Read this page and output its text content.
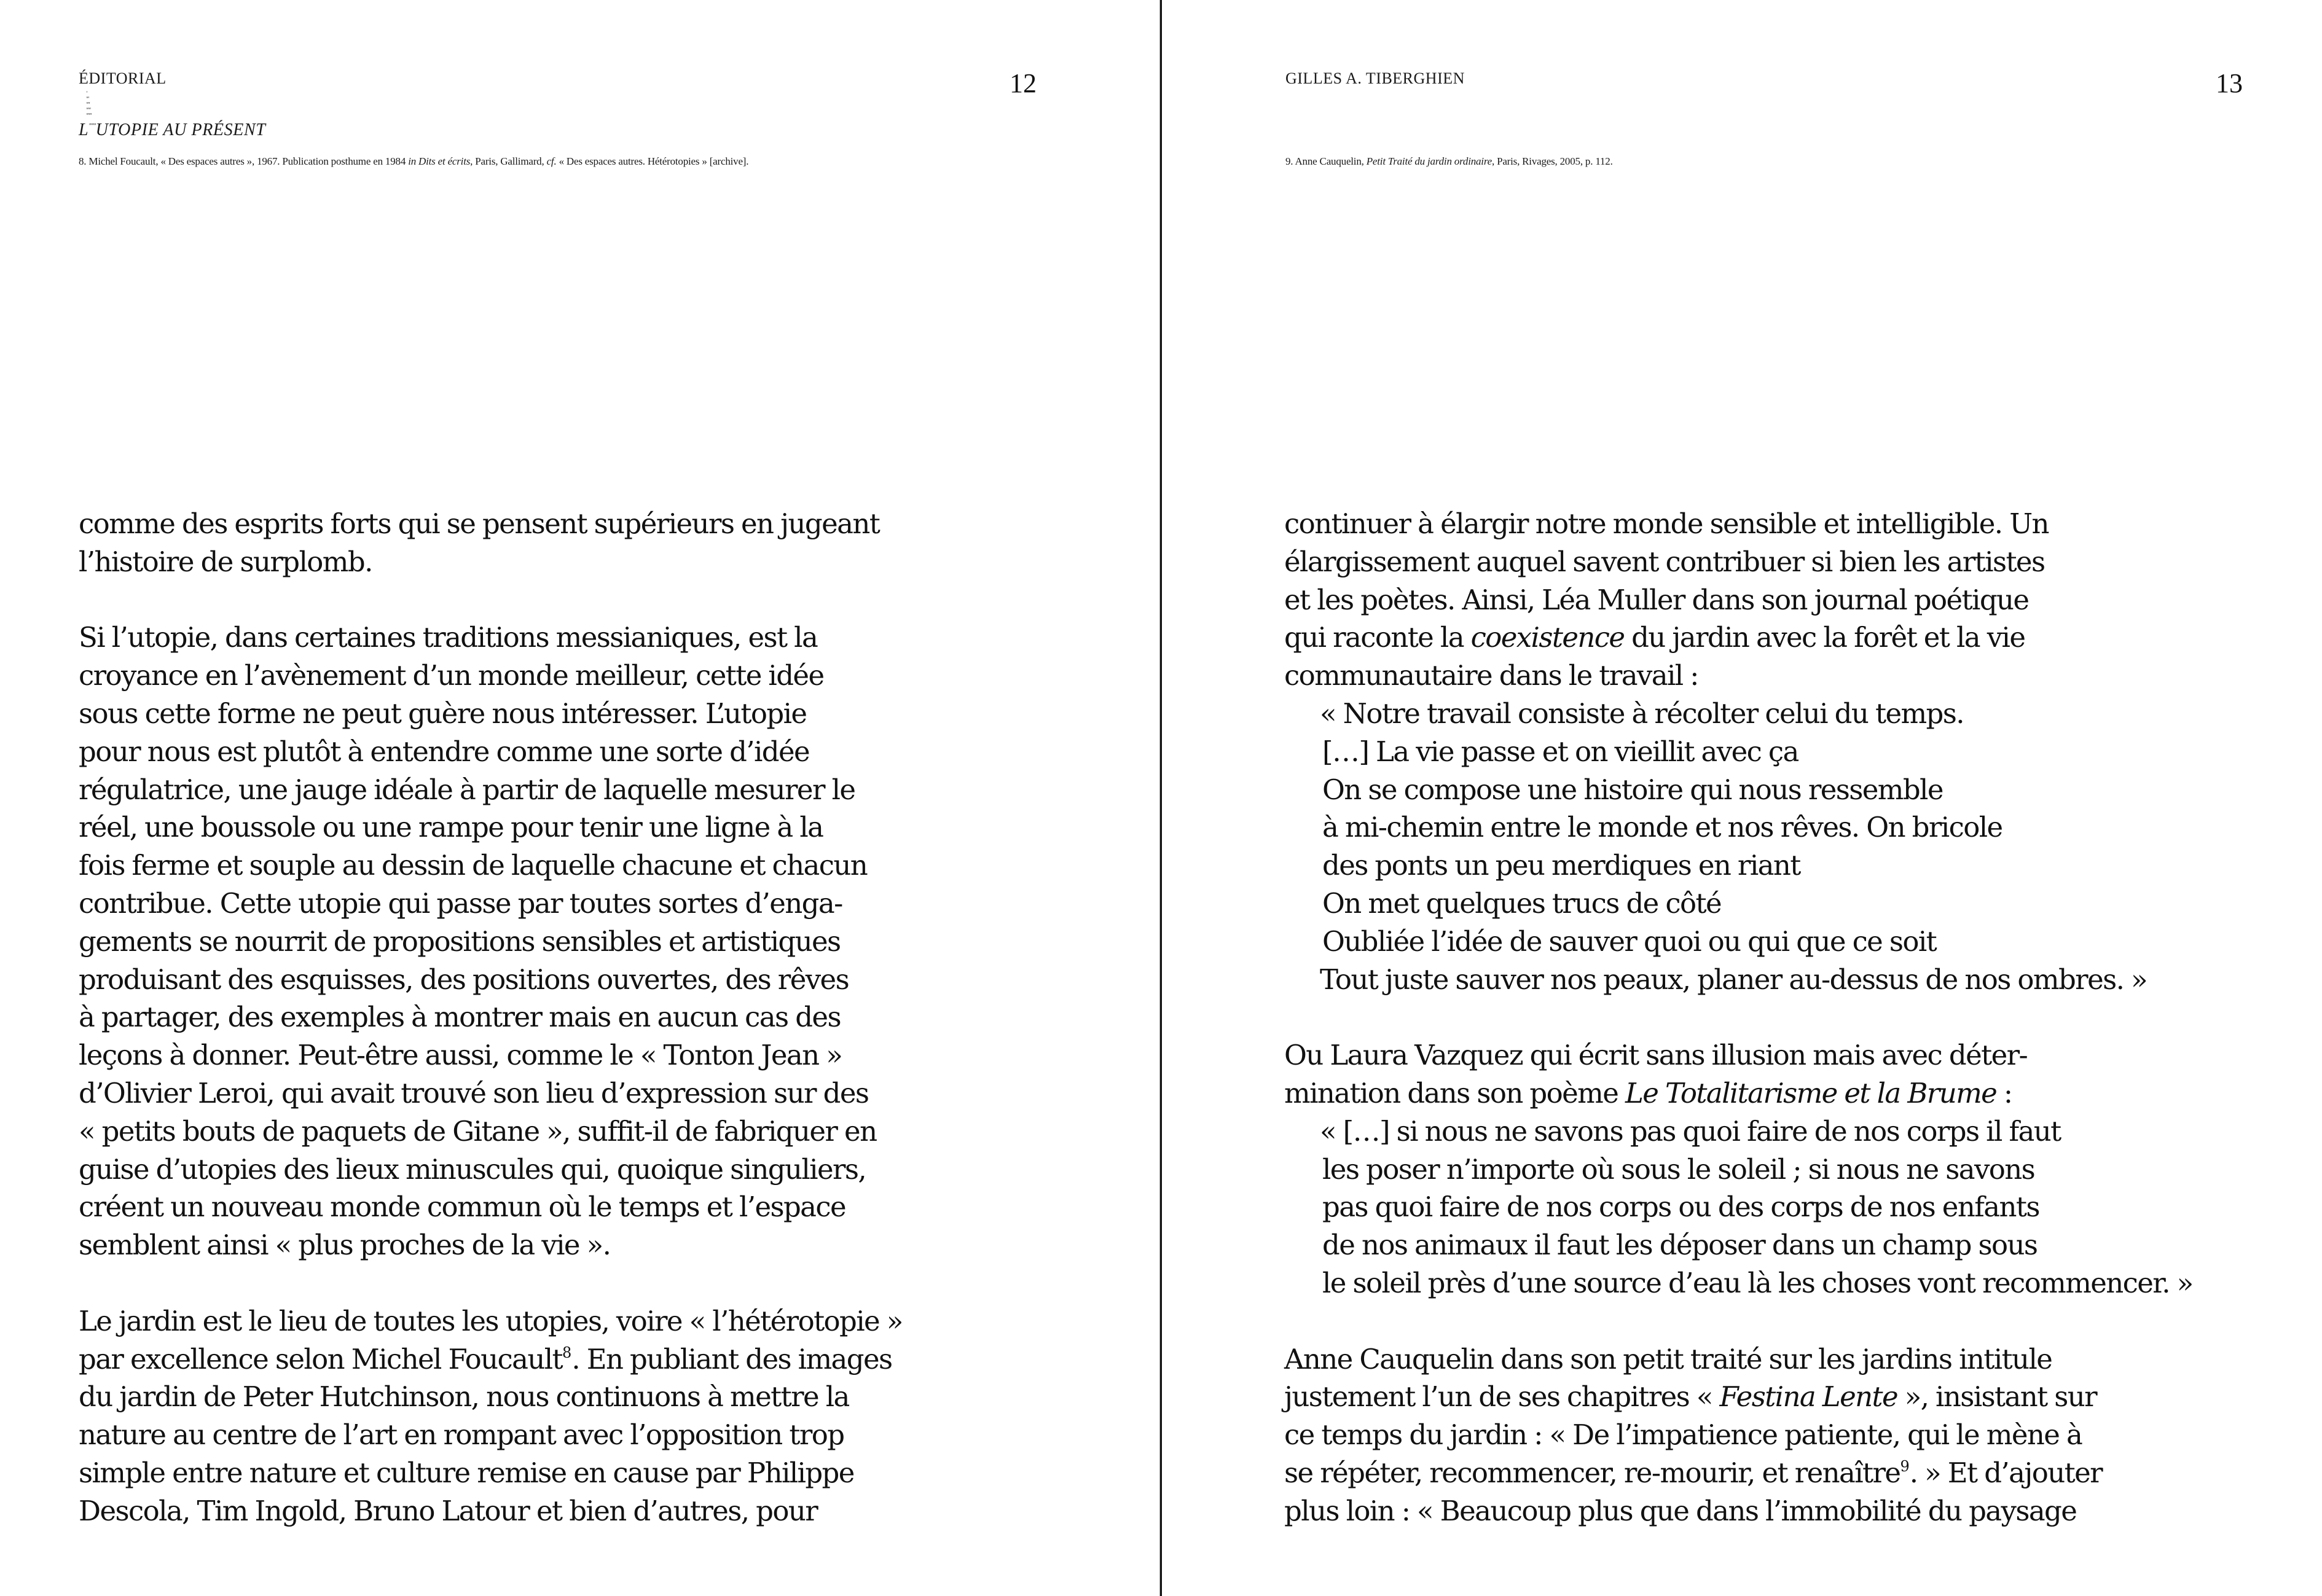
ÉDITORIAL	12
'
'''
''''
'''''
''''''
L'''''''UTOPIE AU PRÉSENT
8. Michel Foucault, « Des espaces autres », 1967. Publication posthume en 1984 in Dits et écrits, Paris, Gallimard, cf. « Des espaces autres. Hétérotopies » [archive].
comme des esprits forts qui se pensent supérieurs en jugeant
l’histoire de surplomb.
Si l’utopie, dans certaines traditions messianiques, est la
croyance en l’avènement d’un monde meilleur, cette idée
sous cette forme ne peut guère nous intéresser. L’utopie
pour nous est plutôt à entendre comme une sorte d’idée
régulatrice, une jauge idéale à partir de laquelle mesurer le
réel, une boussole ou une rampe pour tenir une ligne à la
fois ferme et souple au dessin de laquelle chacune et chacun
contribue. Cette utopie qui passe par toutes sortes d’enga-
gements se nourrit de propositions sensibles et artistiques
produisant des esquisses, des positions ouvertes, des rêves
à partager, des exemples à montrer mais en aucun cas des
leçons à donner. Peut-être aussi, comme le « Tonton Jean »
d’Olivier Leroi, qui avait trouvé son lieu d’expression sur des
« petits bouts de paquets de Gitane », suffit-il de fabriquer en
guise d’utopies des lieux minuscules qui, quoique singuliers,
créent un nouveau monde commun où le temps et l’espace
semblent ainsi « plus proches de la vie ».
Le jardin est le lieu de toutes les utopies, voire « l’hétérotopie »
par excellence selon Michel Foucault$^8$. En publiant des images
du jardin de Peter Hutchinson, nous continuons à mettre la
nature au centre de l’art en rompant avec l’opposition trop
simple entre nature et culture remise en cause par Philippe
Descola, Tim Ingold, Bruno Latour et bien d’autres, pour
GILLES A. TIBERGHIEN	13
9. Anne Cauquelin, Petit Traité du jardin ordinaire, Paris, Rivages, 2005, p. 112.
continuer à élargir notre monde sensible et intelligible. Un
élargissement auquel savent contribuer si bien les artistes
et les poètes. Ainsi, Léa Muller dans son journal poétique
qui raconte la coexistence du jardin avec la forêt et la vie
communautaire dans le travail :
« Notre travail consiste à récolter celui du temps.
[…] La vie passe et on vieillit avec ça
On se compose une histoire qui nous ressemble
à mi-chemin entre le monde et nos rêves. On bricole
des ponts un peu merdiques en riant
On met quelques trucs de côté
Oubliée l’idée de sauver quoi ou qui que ce soit
Tout juste sauver nos peaux, planer au-dessus de nos ombres. »
Ou Laura Vazquez qui écrit sans illusion mais avec déter-
mination dans son poème Le Totalitarisme et la Brume :
« […] si nous ne savons pas quoi faire de nos corps il faut
les poser n’importe où sous le soleil ; si nous ne savons
pas quoi faire de nos corps ou des corps de nos enfants
de nos animaux il faut les déposer dans un champ sous
le soleil près d’une source d’eau là les choses vont recommencer. »
Anne Cauquelin dans son petit traité sur les jardins intitule
justement l’un de ses chapitres « Festina Lente », insistant sur
ce temps du jardin : « De l’impatience patiente, qui le mène à
se répéter, recommencer, re-mourir, et renaître$^9$. » Et d’ajouter
plus loin : « Beaucoup plus que dans l’immobilité du paysage
